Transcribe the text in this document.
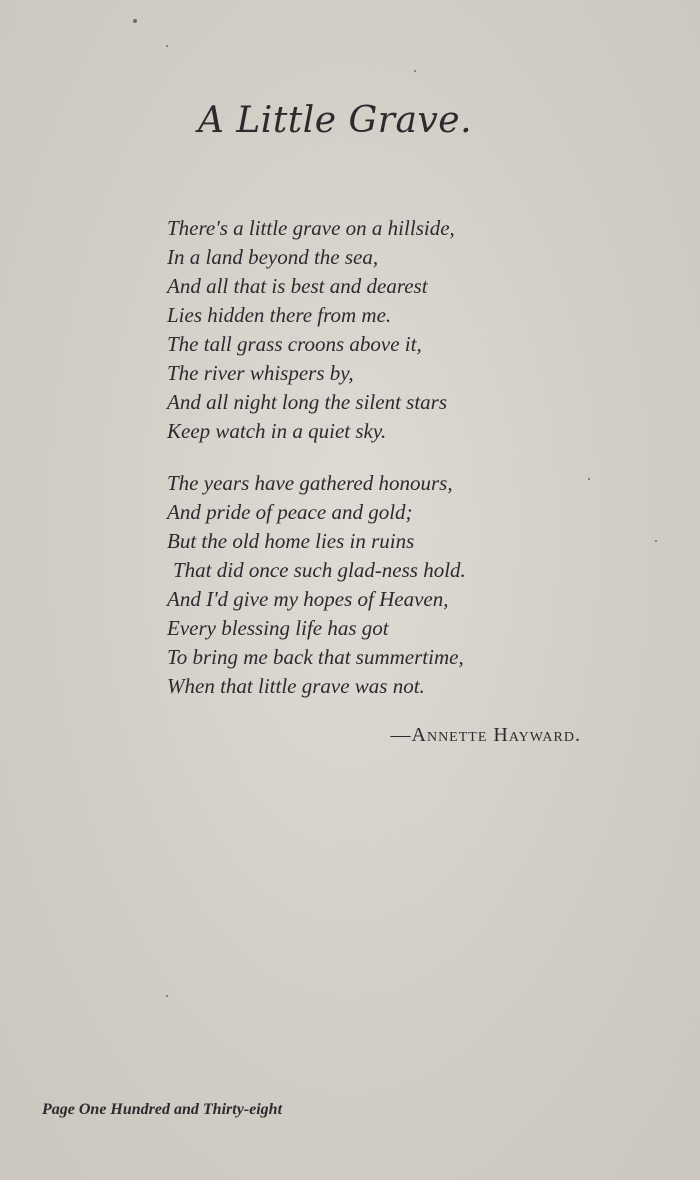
A Little Grave.
There's a little grave on a hillside,
In a land beyond the sea,
And all that is best and dearest
Lies hidden there from me.
The tall grass croons above it,
The river whispers by,
And all night long the silent stars
Keep watch in a quiet sky.
The years have gathered honours,
And pride of peace and gold;
But the old home lies in ruins
That did once such glad-ness hold.
And I'd give my hopes of Heaven,
Every blessing life has got
To bring me back that summertime,
When that little grave was not.
—Annette Hayward.
Page One Hundred and Thirty-eight
